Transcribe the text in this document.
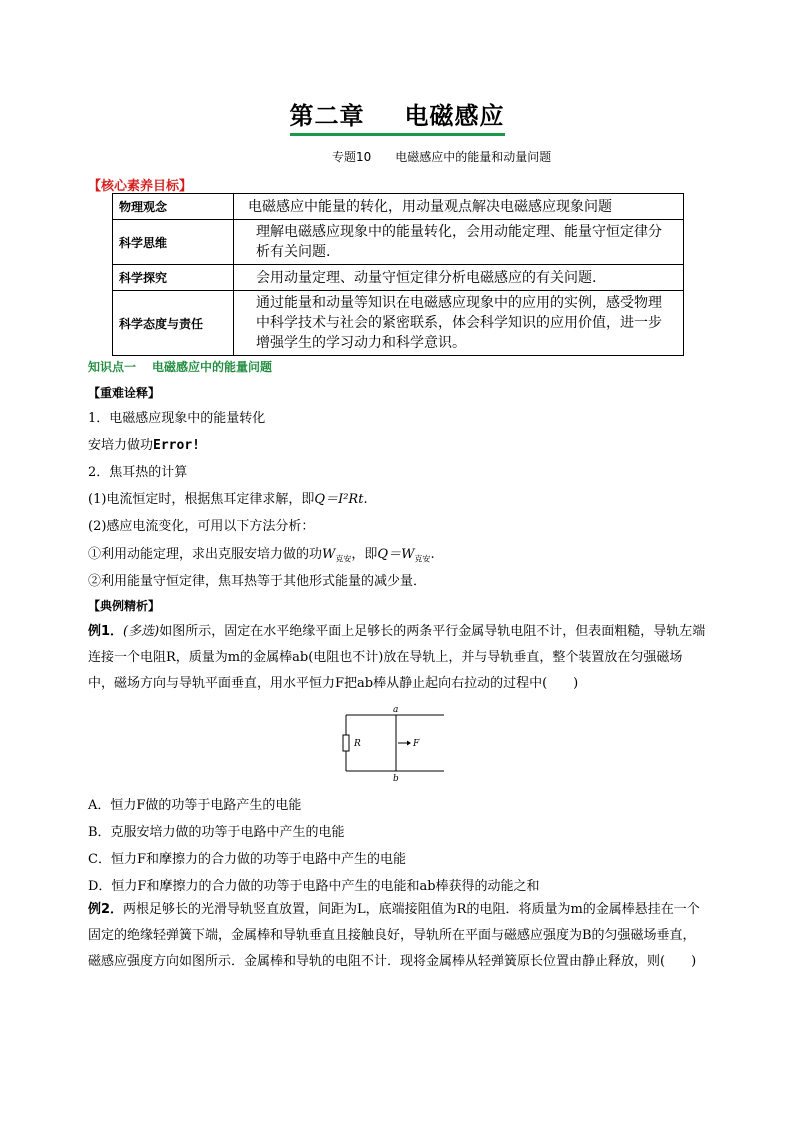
第二章 电磁感应
专题10 电磁感应中的能量和动量问题
【核心素养目标】
物理观念	电磁感应中能量的转化，用动量观点解决电磁感应现象问题
科学思维	理解电磁感应现象中的能量转化，会用动能定理、能量守恒定律分析有关问题.
科学探究	会用动量定理、动量守恒定律分析电磁感应的有关问题.
科学态度与责任	通过能量和动量等知识在电磁感应现象中的应用的实例，感受物理中科学技术与社会的紧密联系，体会科学知识的应用价值，进一步增强学生的学习动力和科学意识。
知识点一 电磁感应中的能量问题
【重难诠释】
1．电磁感应现象中的能量转化
安培力做功Error!
2．焦耳热的计算
(1)电流恒定时，根据焦耳定律求解，即Q＝I²Rt.
(2)感应电流变化，可用以下方法分析：
①利用动能定理，求出克服安培力做的功$W_{克安}$，即$Q=W_{克安}$.
②利用能量守恒定律，焦耳热等于其他形式能量的减少量．
【典例精析】
例1．(多选)如图所示，固定在水平绝缘平面上足够长的两条平行金属导轨电阻不计，但表面粗糙，导轨左端连接一个电阻R，质量为m的金属棒ab(电阻也不计)放在导轨上，并与导轨垂直，整个装置放在匀强磁场中，磁场方向与导轨平面垂直，用水平恒力F把ab棒从静止起向右拉动的过程中(　　)
R	F
a
b
A．恒力F做的功等于电路产生的电能
B．克服安培力做的功等于电路中产生的电能
C．恒力F和摩擦力的合力做的功等于电路中产生的电能
D．恒力F和摩擦力的合力做的功等于电路中产生的电能和ab棒获得的动能之和
例2．两根足够长的光滑导轨竖直放置，间距为L，底端接阻值为R的电阻．将质量为m的金属棒悬挂在一个固定的绝缘轻弹簧下端，金属棒和导轨垂直且接触良好，导轨所在平面与磁感应强度为B的匀强磁场垂直，磁感应强度方向如图所示．金属棒和导轨的电阻不计．现将金属棒从轻弹簧原长位置由静止释放，则(　　)
